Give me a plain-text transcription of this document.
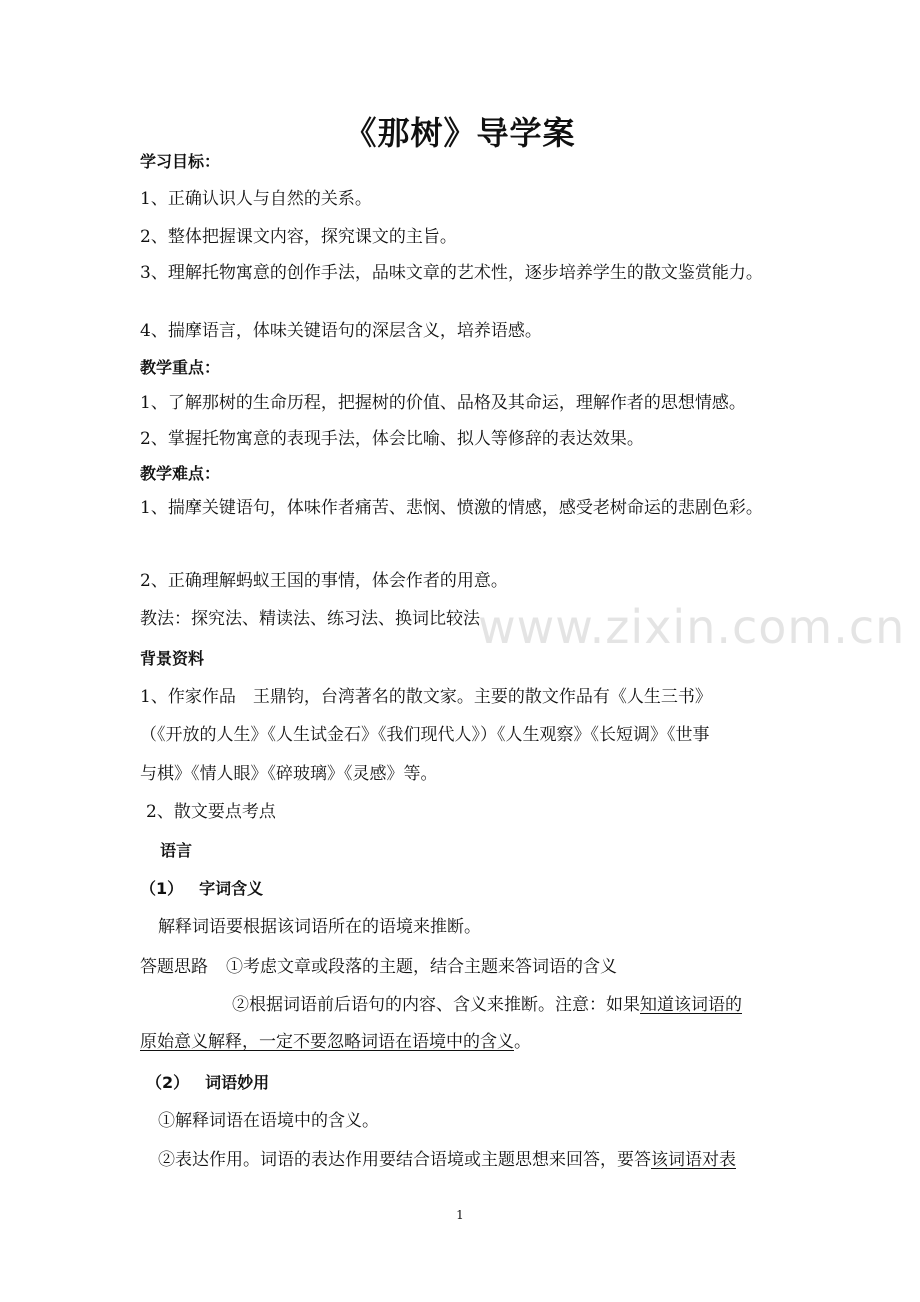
《那树》导学案
学习目标：
1、正确认识人与自然的关系。
2、整体把握课文内容，探究课文的主旨。
3、理解托物寓意的创作手法，品味文章的艺术性，逐步培养学生的散文鉴赏能力。
4、揣摩语言，体味关键语句的深层含义，培养语感。
教学重点：
1、了解那树的生命历程，把握树的价值、品格及其命运，理解作者的思想情感。
2、掌握托物寓意的表现手法，体会比喻、拟人等修辞的表达效果。
教学难点：
1、揣摩关键语句，体味作者痛苦、悲悯、愤激的情感，感受老树命运的悲剧色彩。
2、正确理解蚂蚁王国的事情，体会作者的用意。
教法：探究法、精读法、练习法、换词比较法
背景资料
1、作家作品　王鼎钧，台湾著名的散文家。主要的散文作品有《人生三书》
（《开放的人生》《人生试金石》《我们现代人》）《人生观察》《长短调》《世事
与棋》《情人眼》《碎玻璃》《灵感》等。
2、散文要点考点
语言
（1） 字词含义
解释词语要根据该词语所在的语境来推断。
答题思路 ①考虑文章或段落的主题，结合主题来答词语的含义
②根据词语前后语句的内容、含义来推断。注意：如果知道该词语的
原始意义解释，一定不要忽略词语在语境中的含义。
（2） 词语妙用
①解释词语在语境中的含义。
②表达作用。词语的表达作用要结合语境或主题思想来回答，要答该词语对表
www.zixin.com.cn
1
